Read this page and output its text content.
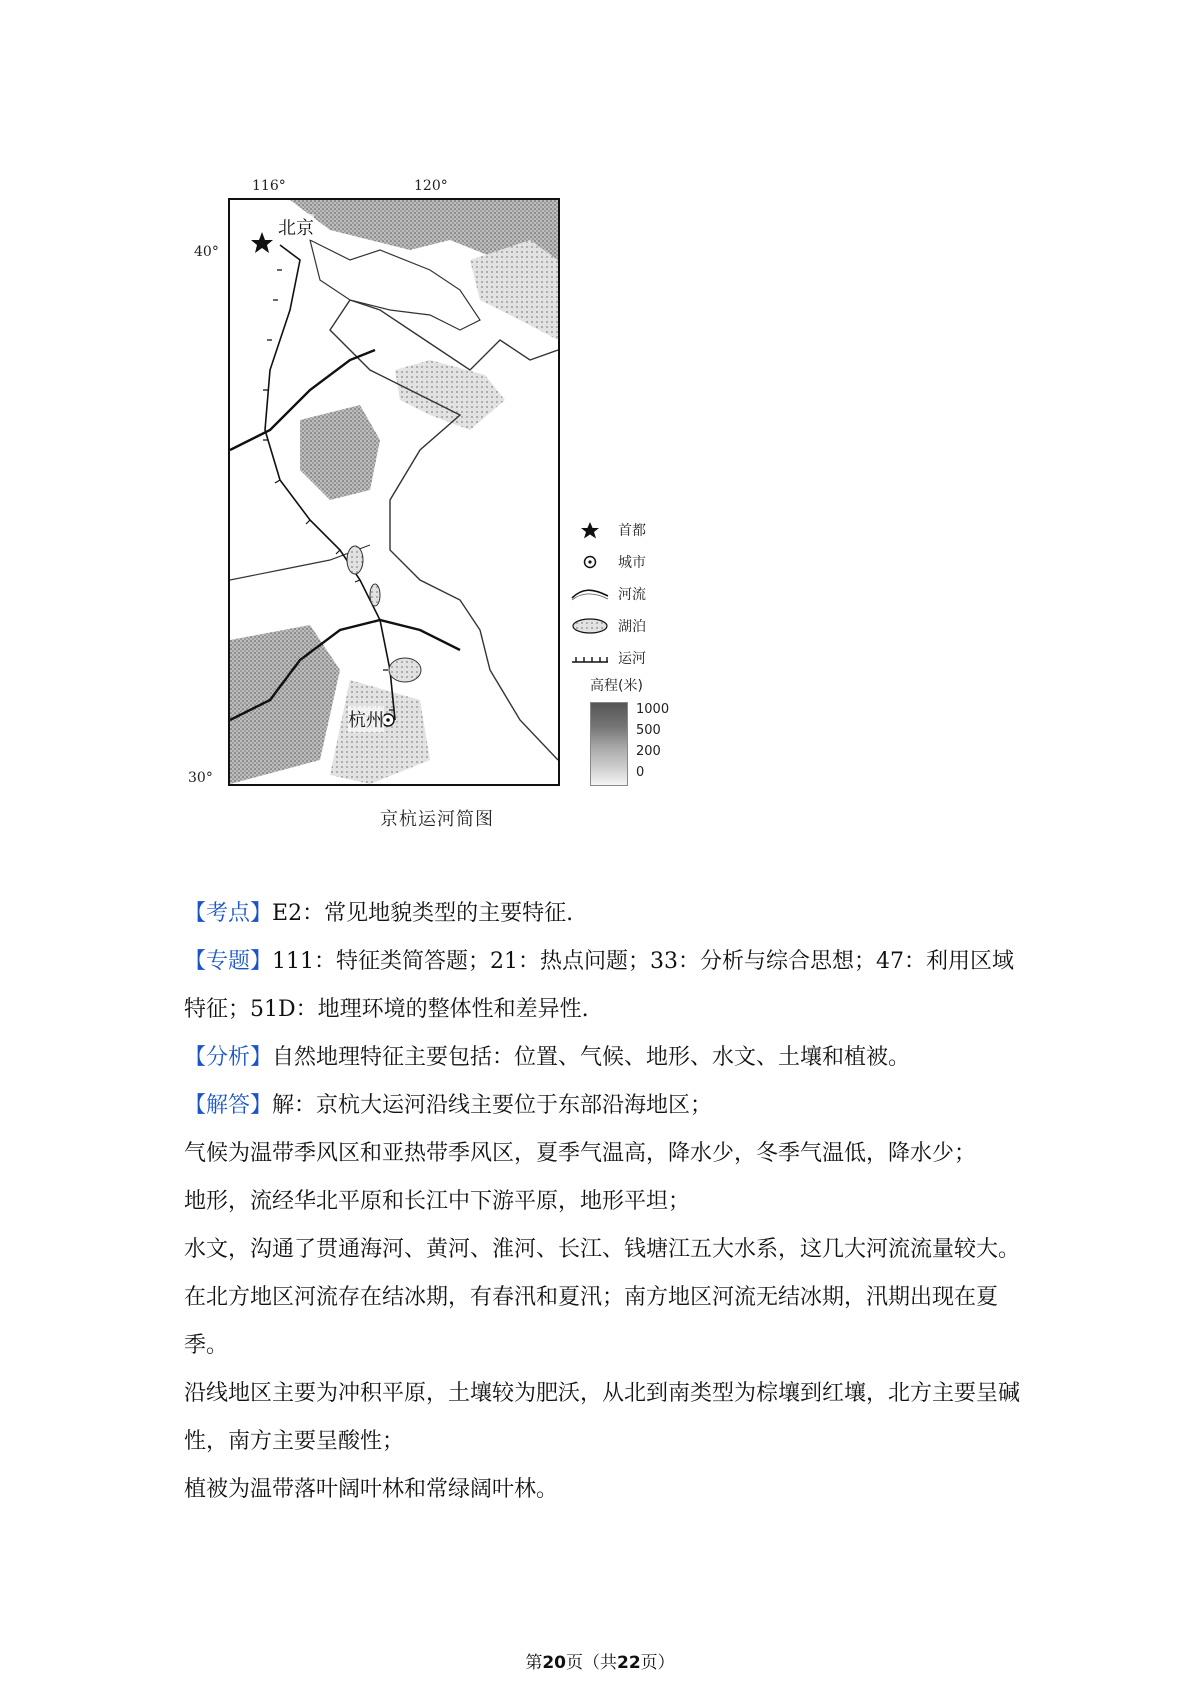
116°	120°
40°
30°
北京
杭州
首都
城市
河流
湖泊
运河
高程(米)
1000
500
200
0
京杭运河简图

【考点】E2：常见地貌类型的主要特征.

【专题】111：特征类简答题；21：热点问题；33：分析与综合思想；47：利用区域特征；51D：地理环境的整体性和差异性.

【分析】自然地理特征主要包括：位置、气候、地形、水文、土壤和植被。

【解答】解：京杭大运河沿线主要位于东部沿海地区；

气候为温带季风区和亚热带季风区，夏季气温高，降水少，冬季气温低，降水少；

地形，流经华北平原和长江中下游平原，地形平坦；

水文，沟通了贯通海河、黄河、淮河、长江、钱塘江五大水系，这几大河流流量较大。

在北方地区河流存在结冰期，有春汛和夏汛；南方地区河流无结冰期，汛期出现在夏季。

沿线地区主要为冲积平原，土壤较为肥沃，从北到南类型为棕壤到红壤，北方主要呈碱性，南方主要呈酸性；

植被为温带落叶阔叶林和常绿阔叶林。

第20页（共22页）
